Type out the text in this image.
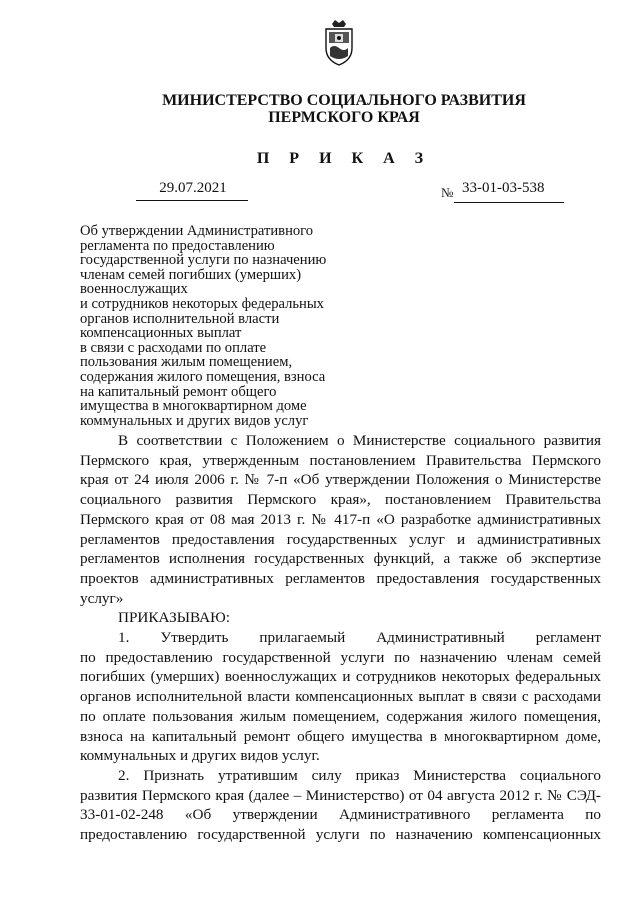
МИНИСТЕРСТВО СОЦИАЛЬНОГО РАЗВИТИЯ
ПЕРМСКОГО КРАЯ
П Р И К А З
29.07.2021	№ 33-01-03-538
Об утверждении Административного
регламента по предоставлению
государственной услуги по назначению
членам семей погибших (умерших)
военнослужащих
и сотрудников некоторых федеральных
органов исполнительной власти
компенсационных выплат
в связи с расходами по оплате
пользования жилым помещением,
содержания жилого помещения, взноса
на капитальный ремонт общего
имущества в многоквартирном доме
коммунальных и других видов услуг
В соответствии с Положением о Министерстве социального развития
Пермского края, утвержденным постановлением Правительства Пермского
края от 24 июля 2006 г. № 7-п «Об утверждении Положения о Министерстве
социального развития Пермского края», постановлением Правительства
Пермского края от 08 мая 2013 г. № 417-п «О разработке административных
регламентов предоставления государственных услуг и административных
регламентов исполнения государственных функций, а также об экспертизе
проектов административных регламентов предоставления государственных
услуг»
ПРИКАЗЫВАЮ:
1. Утвердить прилагаемый Административный регламент
по предоставлению государственной услуги по назначению членам семей
погибших (умерших) военнослужащих и сотрудников некоторых федеральных
органов исполнительной власти компенсационных выплат в связи с расходами
по оплате пользования жилым помещением, содержания жилого помещения,
взноса на капитальный ремонт общего имущества в многоквартирном доме,
коммунальных и других видов услуг.
2. Признать утратившим силу приказ Министерства социального
развития Пермского края (далее – Министерство) от 04 августа 2012 г. № СЭД-
33-01-02-248 «Об утверждении Административного регламента по
предоставлению государственной услуги по назначению компенсационных
